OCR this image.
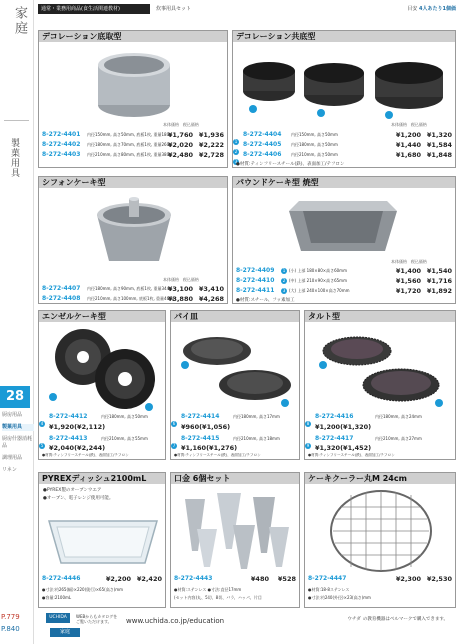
家庭
製菓用具
28
厨房用品
製菓用具
厨房什器消耗品
調理用品
リネン
P.779
P.840
通常・業務用商品(食生活関連教材)	炊事用具セット	目安 4人あたり1個価
デコレーション底取型
本体価格 税込価格
8-272-4401 内径150mm, 高さ50mm, 底板1枚, 重量180g
¥1,760 ¥1,936
8-272-4402 内径180mm, 高さ70mm, 底板1枚, 重量260g
¥2,020 ¥2,222
8-272-4403 内径210mm, 高さ80mm, 底板1枚, 重量380g
¥2,480 ¥2,728
デコレーション共底型
本体価格 税込価格
1
8-272-4404 内径150mm, 高さ50mm	¥1,200 ¥1,320
2
8-272-4405 内径180mm, 高さ50mm	¥1,440 ¥1,584
3
8-272-4406 内径210mm, 高さ50mm	¥1,680 ¥1,848
●材質:ティンフリースチール(鉄)、表面加工/テフロン
シフォンケーキ型
本体価格 税込価格
8-272-4407 内径180mm, 高さ90mm, 底板1枚, 重量344g
¥3,100 ¥3,410
8-272-4408 内径210mm, 高さ100mm, 底板1枚, 重量460g
¥3,880 ¥4,268
パウンドケーキ型 焼型
本体価格 税込価格
8-272-4409	1 (小) 上部 180×80×高さ60mm	¥1,400 ¥1,540
8-272-4410	2 (中) 上部 210×90×高さ65mm	¥1,560 ¥1,716
8-272-4411	3 (大) 上部 240×100×高さ70mm	¥1,720 ¥1,892
●材質:スチール、フッ素加工
エンゼルケーキ型
4
8-272-4412	内径180mm, 高さ50mm
¥1,920(¥2,112)
5
8-272-4413	内径210mm, 高さ55mm
¥2,040(¥2,244)
●材質:ティンフリースチール(鉄)、表面加工/テフロン
パイ皿
6
8-272-4414	内径180mm, 高さ17mm
¥960(¥1,056)
7
8-272-4415	内径210mm, 高さ18mm
¥1,160(¥1,276)
●材質:ティンフリースチール(鉄)、表面加工/テフロン
タルト型
8
8-272-4416	内径180mm, 高さ24mm
¥1,200(¥1,320)
9
8-272-4417	内径210mm, 高さ27mm
¥1,320(¥1,452)
●材質:ティンフリースチール(鉄)、表面加工/テフロン
PYREXディッシュ2100mL
●PYREX製のオーブンウエア
●オーブン、電子レンジ使用可能。
8-272-4446	¥2,200 ¥2,420
●寸法:約265(幅)×220(奥行)×65(高さ)mm
●容量:2100mL
口金 6個セット
8-272-4443	¥480 ¥528
●材質:ステンレス ●寸法:直径17mm
(セット内容)丸、5切、8切、バラ、ハッパ、片目
ケーキクーラー丸M 24cm
8-272-4447	¥2,300 ¥2,530
●材質:18-8ステンレス
●寸法:約240(外径)×23(高さ)mm
UCHIDA	WEBからもカタログを
ご覧いただけます。	www.uchida.co.jp/education	ウチダ の教育機器はベルマークで購入できます。
家庭
